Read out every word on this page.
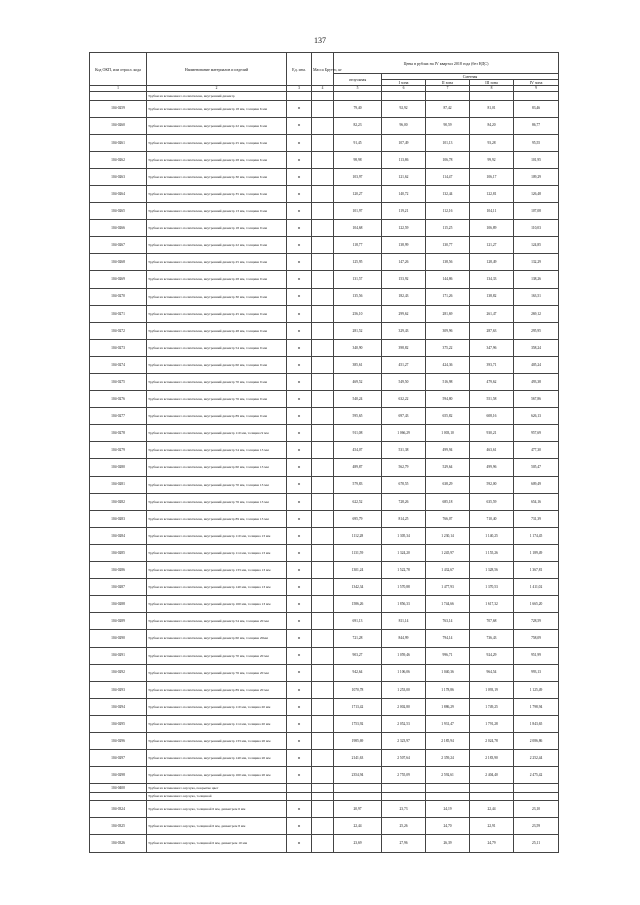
137
Код ОКП, или отрасл. кода	Наименование материалов и изделий	Ед. изм.	Масса Брутто, кг	Цены в рублях на IV квартал 2018 года (без НДС)				
				отпускная	Сметная			
					I зона	II зона	III зона	IV зона
1	2	3	4	5	6	7	8	9
	Трубки из вспененного полиэтилена, внутренний диаметр							
104-0259	Трубки из вспененного полиэтилена, внутренний диаметр 18 мм, толщина 6 мм	м		79,40	92,92	87,42	81,01	83,46
104-0260	Трубки из вспененного полиэтилена, внутренний диаметр 22 мм, толщина 6 мм	м		82,23	96,00	90,59	84,20	86,77
104-0261	Трубки из вспененного полиэтилена, внутренний диаметр 25 мм, толщина 6 мм	м		91,45	107,49	101,13	93,28	95,55
104-0262	Трубки из вспененного полиэтилена, внутренний диаметр 28 мм, толщина 6 мм	м		98,98	113,86	106,78	99,92	101,95
104-0263	Трубки из вспененного полиэтилена, внутренний диаметр 30 мм, толщина 6 мм	м		103,97	121,62	114,47	106,17	109,29
104-0264	Трубки из вспененного полиэтилена, внутренний диаметр 35 мм, толщина 6 мм	м		120,27	140,72	132,44	122,81	126,48
104-0265	Трубки из вспененного полиэтилена, внутренний диаметр 13 мм, толщина 9 мм	м		101,97	119,21	112,16	104,11	107,08
104-0266	Трубки из вспененного полиэтилена, внутренний диаметр 18 мм, толщина 9 мм	м		104,68	122,59	115,25	106,89	110,03
104-0267	Трубки из вспененного полиэтилена, внутренний диаметр 22 мм, толщина 9 мм	м		118,77	138,99	130,77	121,27	124,85
104-0268	Трубки из вспененного полиэтилена, внутренний диаметр 25 мм, толщина 9 мм	м		125,95	147,26	138,56	128,49	132,29
104-0269	Трубки из вспененного полиэтилена, внутренний диаметр 28 мм, толщина 9 мм	м		131,57	153,92	144,86	134,33	138,26
104-0270	Трубки из вспененного полиэтилена, внутренний диаметр 30 мм, толщина 9 мм	м		135,56	182,43	171,26	138,82	163,51
104-0271	Трубки из вспененного полиэтилена, внутренний диаметр 45 мм, толщина 9 мм	м		256,10	299,62	281,69	261,47	269,12
104-0272	Трубки из вспененного полиэтилена, внутренний диаметр 48 мм, толщина 9 мм	м		281,52	329,43	309,96	287,63	295,95
104-0273	Трубки из вспененного полиэтилена, внутренний диаметр 54 мм, толщина 9 мм	м		340,90	398,82	375,22	347,96	358,24
104-0274	Трубки из вспененного полиэтилена, внутренний диаметр 60 мм, толщина 9 мм	м		385,61	451,27	424,36	393,71	405,24
104-0275	Трубки из вспененного полиэтилена, внутренний диаметр 70 мм, толщина 9 мм	м		469,52	549,50	516,98	479,62	493,38
104-0276	Трубки из вспененного полиэтилена, внутренний диаметр 76 мм, толщина 9 мм	м		540,24	632,22	594,80	551,58	567,86
104-0277	Трубки из вспененного полиэтилена, внутренний диаметр 89 мм, толщина 9 мм	м		595,65	697,43	655,82	608,16	626,13
104-0278	Трубки из вспененного полиэтилена, внутренний диаметр 110 мм, толщина 9 мм	м		911,08	1 066,29	1 003,10	930,21	957,69
104-0279	Трубки из вспененного полиэтилена, внутренний диаметр 54 мм, толщина 13 мм	м		454,07	531,38	499,94	463,61	477,30
104-0280	Трубки из вспененного полиэтилена, внутренний диаметр 60 мм, толщина 13 мм	м		489,87	562,79	529,64	499,96	505,47
104-0281	Трубки из вспененного полиэтилена, внутренний диаметр 70 мм, толщина 13 мм	м		579,83	678,55	638,29	592,00	609,49
104-0282	Трубки из вспененного полиэтилена, внутренний диаметр 76 мм, толщина 13 мм	м		622,52	728,26	685,18	635,59	654,16
104-0283	Трубки из вспененного полиэтилена, внутренний диаметр 89 мм, толщина 13 мм	м		695,79	814,25	766,07	710,40	731,39
104-0284	Трубки из вспененного полиэтилена, внутренний диаметр 110 мм, толщина 13 мм	м		1112,28	1 305,34	1 230,14	1 140,25	1 174,45
104-0285	Трубки из вспененного полиэтилена, внутренний диаметр 114 мм, толщина 13 мм	м		1131,59	1 324,20	1 245,97	1 155,26	1 189,49
104-0286	Трубки из вспененного полиэтилена, внутренний диаметр 133 мм, толщина 13 мм	м		1301,24	1 522,78	1 432,67	1 328,56	1 367,81
104-0287	Трубки из вспененного полиэтилена, внутренний диаметр 140 мм, толщина 13 мм	м		1342,34	1 570,88	1 477,93	1 370,53	1 411,02
104-0288	Трубки из вспененного полиэтилена, внутренний диаметр 160 мм, толщина 13 мм	м		1586,26	1 856,33	1 744,66	1 617,32	1 665,20
104-0289	Трубки из вспененного полиэтилена, внутренний диаметр 54 мм, толщина 20 мм	м		691,13	811,14	763,14	707,68	728,59
104-0290	Трубки из вспененного полиэтилена, внутренний диаметр 60 мм, толщина 20мм	м		721,28	844,99	794,14	736,43	758,09
104-0291	Трубки из вспененного полиэтилена, внутренний диаметр 70 мм, толщина 20 мм	м		903,27	1 059,46	996,71	924,29	951,99
104-0292	Трубки из вспененного полиэтилена, внутренний диаметр 76 мм, толщина 20 мм	м		942,64	1 106,06	1 040,36	964,54	993,13
104-0293	Трубки из вспененного полиэтилена, внутренний диаметр 89 мм, толщина 20 мм	м		1070,78	1 253,00	1 178,86	1 093,19	1 125,49
104-0294	Трубки из вспененного полиэтилена, внутренний диаметр 110 мм, толщина 20 мм	м		1713,42	2 002,80	1 886,29	1 749,25	1 798,94
104-0295	Трубки из вспененного полиэтилена, внутренний диаметр 114 мм, толщина 20 мм	м		1753,92	2 052,53	1 931,47	1 791,28	1 843,65
104-0296	Трубки из вспененного полиэтилена, внутренний диаметр 133 мм, толщина 20 мм	м		1985,69	2 323,97	2 185,94	2 024,78	2 086,86
104-0297	Трубки из вспененного полиэтилена, внутренний диаметр 140 мм, толщина 20 мм	м		2141,63	2 507,64	2 359,24	2 183,90	2 252,44
104-0298	Трубки из вспененного полиэтилена, внутренний диаметр 160 мм, толщина 20 мм	м		2354,94	2 755,09	2 592,61	2 404,40	2 475,42
104-0400	Трубки из вспененного каучука, покрытие цвет							
	Трубки из вспененного каучука, толщиной							
104-0324	Трубки из вспененного каучука, толщиной 6 мм, диаметром 6 мм	м		20,97	23,73	24,19	22,44	23,10
104-0325	Трубки из вспененного каучука, толщиной 6 мм, диаметром 8 мм	м		22,44	25,26	24,70	22,91	23,59
104-0326	Трубки из вспененного каучука, толщиной 6 мм, диаметром 10 мм	м		23,69	27,96	26,39	24,79	25,11
